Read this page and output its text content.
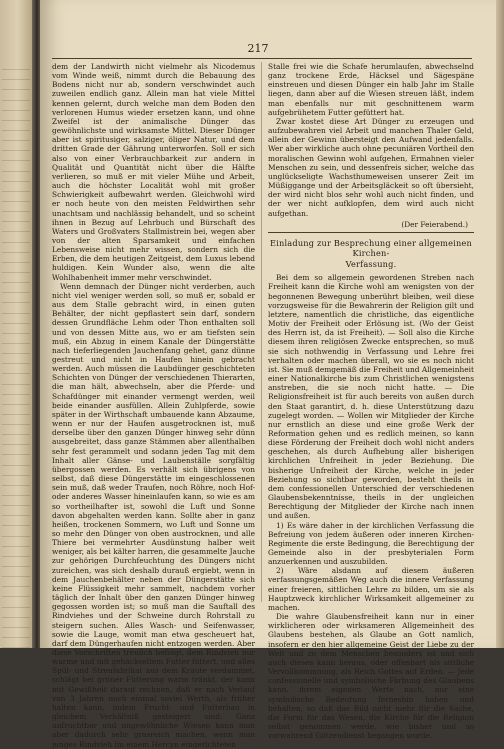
217

dem der Landwirth nicht vielmehr als Nicodemus vom Winde weiß, nimmt durch die Bebauung des Bodens nicht nur ab, sondern verschwindet auch zuweilen endlich ganz. Allein man hat viele Mittel kennen gelernt, durch welche man dem Boden den verlorenen Humus wieder ersetzen kann, und ohne Zweifel ist der animalische Dünger das gewöhnlichste und wirksamste Mittel. Dieser Dünger aber ist spiritusiger, salziger, öliger Natur, und dem dritten Grade der Gährung unterworfen. Soll er sich also von einer Verbrauchbarkeit zur andern in Qualität und Quantität nicht über die Hälfte verlieren, so muß er mit vieler Mühe und Arbeit, auch die höchster Localität wohl mit großer Schwierigkeit aufbewahrt werden. Gleichwohl wird er noch heute von den meisten Feldwirthen sehr unachtsam und nachlässig behandelt, und so scheint ihnen in Bezug auf Lehrbuch und Bürschaft des Waters und Großvaters Stallmistrein bei, wegen aber von der alten Sparsamkeit und einfachen Lebensweise nicht mehr wissen, sondern sich die Erben, die dem heutigen Zeitgeist, dem Luxus lebend huldigen. Kein Wunder also, wenn die alte Wohlhabenheit immer mehr verschwindet.

Wenn demnach der Dünger nicht verderben, auch nicht viel weniger werden soll, so muß er, sobald er aus dem Stalle gebracht wird, in einen guten Behälter, der nicht gepflastert sein darf, sondern dessen Grundfläche Lehm oder Thon enthalten soll und von dessen Mitte aus, wo er am tiefsten sein muß, ein Abzug in einem Kanale der Düngerstätte nach tieferliegenden Jauchenfang gehet, ganz dünne gestreut und nicht in Haufen hinein gebracht werden. Auch müssen die Laubdünger geschichteten Schichten von Dünger der verschiedenen Thierarten, die man hält, abwechseln, aber die Pferde- und Schafdünger mit einander vermengt werden, weil beide einander ausfüllen. Allein Zuhlpferde, sowie später in der Wirthschaft umbauende kann Abzaume, wenn er nur der Haufen ausgetrocknen ist, muß derselbe über den ganzen Dünger hinweg sehr dünn ausgebreitet, dass ganze Stämmen aber allenthalben sehr fest gerammelt und sodann jeden Tag mit dem Inhalt aller Gänse- und Laubenställe sorgfältig übergossen werden. Es verhält sich übrigens von selbst, daß diese Düngerstätte im eingeschlossenen sein muß, daß weder Traufen, noch Röhre, noch Hof- oder anderes Wasser hineinlaufen kann, so wie es am so vortheilhafter ist, sowohl die Luft und Sonne davon abgehalten werden kann. Sollte aber in ganz heißen, trockenen Sommern, wo Luft und Sonne um so mehr den Dünger von oben austrocknen, und alle Thiere bei vermehrter Ausdünstung halber weit weniger, als bei kälter harren, die gesammelte Jauche zur gehörigen Durchfeuchtung des Düngers nicht zureichen, was sich deshalb durauß ergiebt, wenn in dem Jauchenbehälter neben der Düngerstätte sich keine Flüssigkeit mehr sammelt, nachdem vorher täglich der Inhalt über den ganzen Dünger hinweg gegossen worden ist; so muß man die Sauftall des Rindviehes und der Schweine durch Rohrstall zu steigern suchen. Alles Wasch- und Seifenwasser, sowie die Lauge, womit man etwa gescheuert hat, darf dem Düngerhaufen nicht entzogen werden. Aber diese Vorschriften treulich befolgt, dem Rindvieh nur warme und mit gehäckseltem Futter füttert, und alles Spül- und Streufabrikat aus dem Kraute verdammet, schlägt bei grüner Fütterung warm tränkt, der kann mit Gewißheit darauf rechnen, daß er nach Verlauf von 3 Jahren noch einmal soviel Werth, als früher halten kann, indem Frucht- und Futterbau in gleichem Verhältniß gesteigert sind. Ganz unfruchtbar und ungewöhnliche Wiesen kann man aber dadurch sehr grasreich machen, wenn man junges Rindvieh im einem Hercyn eingerichteten

Stalle frei wie die Schafe herumlaufen, abwechselnd ganz trockene Erde, Häcksel und Sägespäne einstreuen und diesen Dünger ein halb Jahr im Stalle liegen, dann aber auf die Wiesen streuen läßt, indem man ebenfalls nur mit geschnittenem warm aufgebrühetem Futter gefüttert hat.

Zwar kostet diese Art Dünger zu erzeugen und aufzubewahren viel Arbeit und manchen Thaler Geld, allein der Gewinn übersteigt den Aufwand jedenfalls. Wer aber wirkliche auch ohne pecuniären Vortheil den moralischen Gewinn wohl aufgehen, Ermahnen vieler Menschen zu sein, und dessenfreis sicher, welche das unglückseligte Wachsthumeweisen unserer Zeit im Müßiggange und der Arbeitsgläckeit so oft übersieht, der wird nicht blos sehr wohl auch nicht finden, und der wer nicht aufklopfen, dem wird auch nicht aufgethan.

(Der Feierabend.)

Einladung zur Besprechung einer allgemeinen Kirchen-
Verfassung.

Bei dem so allgemein gewordenen Streben nach Freiheit kann die Kirche wohl am wenigsten von der begonnenen Bewegung unberührt bleiben, weil diese vorzugsweise für die Bewahrerin der Religion gilt und letztere, namentlich die christliche, das eigentliche Motiv der Freiheit oder Erlösung ist. (Wo der Geist des Herrn ist, da ist Freiheit). — Soll also die Kirche diesem ihren religiösen Zwecke entsprechen, so muß sie sich nothwendig in Verfassung und Lehre frei verhalten oder machen überall, wo sie es noch nicht ist. Sie muß demgemäß die Freiheit und Allgemeinheit einer Nationalkirche bis zum Christlichen wenigstens anstreben, die sie noch nicht hatte. — Die Religionsfreiheit ist für auch bereits von außen durch den Staat garantirt, d. h. diese Unterstützung dazu zugelegt worden. — Wollen wir Mitglieder der Kirche nur ernstlich an diese und eine große Werk der Reformation gehen und es redlich meinen, so kann diese Förderung der Freiheit doch wohl nicht anders geschehen, als durch Aufhebung aller bisherigen kirchlichen Unfreiheit in jeder Beziehung. Die bisherige Unfreiheit der Kirche, welche in jeder Beziehung so sichtbar geworden, besteht theils in dem confessionellen Unterschied der verschiedenen Glaubensbekenntnisse, theils in der ungleichen Berechtigung der Mitglieder der Kirche nach innen und außen.

1) Es wäre daher in der kirchlichen Verfassung die Befreiung von jedem äußeren oder inneren Kirchen-Regimente die erste Bedingung, die Berechtigung der Gemeinde also in der presbyterialen Form anzuerkennen und auszubilden.

2) Wäre alsdann auf diesem äußeren verfassungsgemäßen Weg auch die innere Verfassung einer freieren, sittlichen Lehre zu bilden, um sie als Hauptzweck kirchlicher Wirksamkeit allgemeiner zu machen.

Die wahre Glaubensfreiheit kann nur in einer wirklicheren oder wirksameren Allgemeinheit des Glaubens bestehen, als Glaube an Gott namlich, insofern er den hier allgemeine Geist der Liebe zu der Welt und zu dem Menschen besonders ist und sich auch dieses kann heraus, oder offenbart als sittliche Vervollkommnung, als Reich Gottes auf Erden. — Jede confessionelle und symbolische Färbung des Glaubens kann, ihrem eigenen Werte nach, nur eine symbolische Bedeutung ferneshin haben und behalten, so daß das Bild nicht mehr für die Sache, die Form für das Wesen, die Kirche für die Religion selbst genommen werde, wie bisher und so vorwahrend Götzendienst begangen wurde.
